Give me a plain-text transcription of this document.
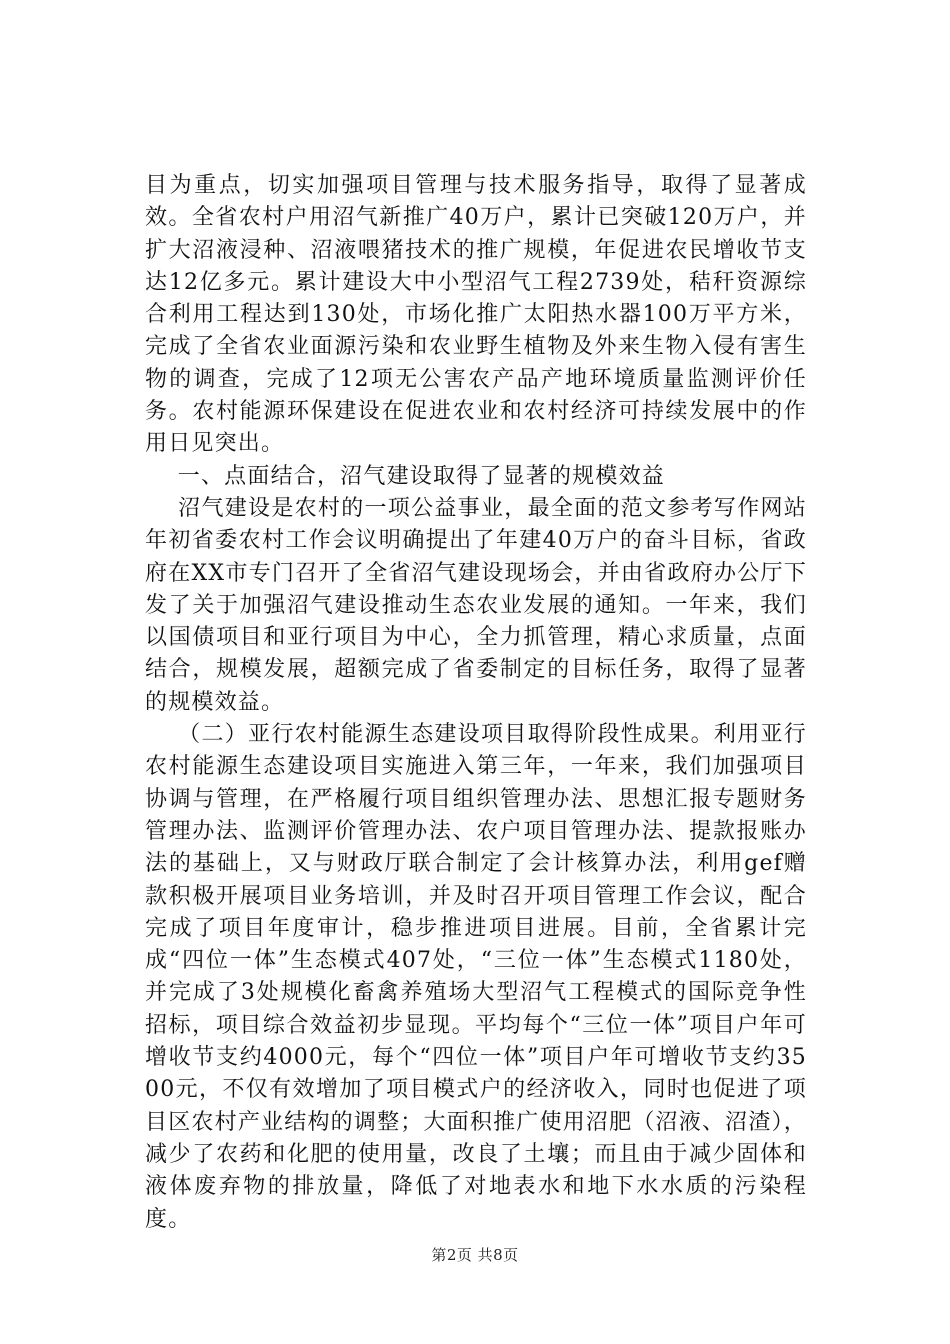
目为重点，切实加强项目管理与技术服务指导，取得了显著成效。全省农村户用沼气新推广40万户，累计已突破120万户，并扩大沼液浸种、沼液喂猪技术的推广规模，年促进农民增收节支达12亿多元。累计建设大中小型沼气工程2739处，秸秆资源综合利用工程达到130处，市场化推广太阳热水器100万平方米，完成了全省农业面源污染和农业野生植物及外来生物入侵有害生物的调查，完成了12项无公害农产品产地环境质量监测评价任务。农村能源环保建设在促进农业和农村经济可持续发展中的作用日见突出。

一、点面结合，沼气建设取得了显著的规模效益

沼气建设是农村的一项公益事业，最全面的范文参考写作网站年初省委农村工作会议明确提出了年建40万户的奋斗目标，省政府在XX市专门召开了全省沼气建设现场会，并由省政府办公厅下发了关于加强沼气建设推动生态农业发展的通知。一年来，我们以国债项目和亚行项目为中心，全力抓管理，精心求质量，点面结合，规模发展，超额完成了省委制定的目标任务，取得了显著的规模效益。

（二）亚行农村能源生态建设项目取得阶段性成果。利用亚行农村能源生态建设项目实施进入第三年，一年来，我们加强项目协调与管理，在严格履行项目组织管理办法、思想汇报专题财务管理办法、监测评价管理办法、农户项目管理办法、提款报账办法的基础上，又与财政厅联合制定了会计核算办法，利用gef赠款积极开展项目业务培训，并及时召开项目管理工作会议，配合完成了项目年度审计，稳步推进项目进展。目前，全省累计完成“四位一体”生态模式407处，“三位一体”生态模式1180处，并完成了3处规模化畜禽养殖场大型沼气工程模式的国际竞争性招标，项目综合效益初步显现。平均每个“三位一体”项目户年可增收节支约4000元，每个“四位一体”项目户年可增收节支约3500元，不仅有效增加了项目模式户的经济收入，同时也促进了项目区农村产业结构的调整；大面积推广使用沼肥（沼液、沼渣），减少了农药和化肥的使用量，改良了土壤；而且由于减少固体和液体废弃物的排放量，降低了对地表水和地下水水质的污染程度。

第2页 共8页
